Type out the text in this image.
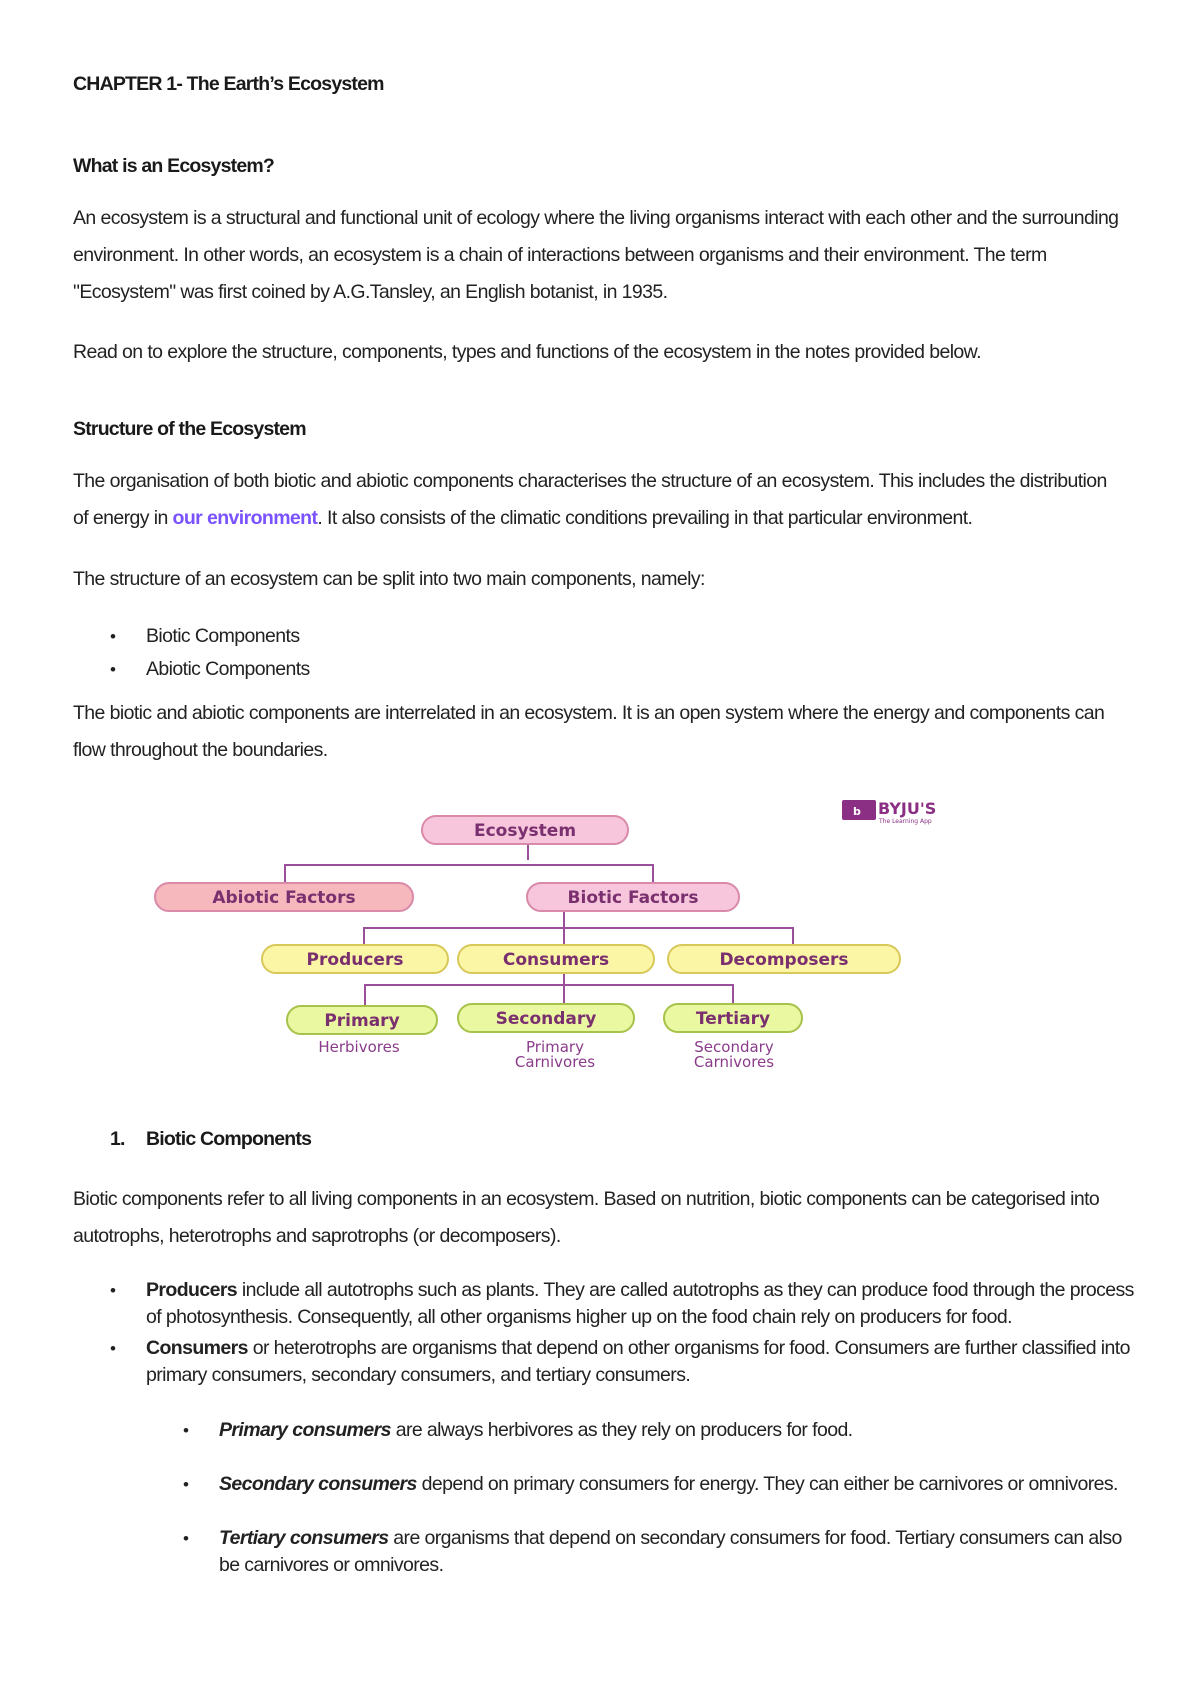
CHAPTER 1- The Earth’s Ecosystem
What is an Ecosystem?
An ecosystem is a structural and functional unit of ecology where the living organisms interact with each other and the surrounding
environment. In other words, an ecosystem is a chain of interactions between organisms and their environment. The term
"Ecosystem" was first coined by A.G.Tansley, an English botanist, in 1935.
Read on to explore the structure, components, types and functions of the ecosystem in the notes provided below.
Structure of the Ecosystem
The organisation of both biotic and abiotic components characterises the structure of an ecosystem. This includes the distribution
of energy in our environment. It also consists of the climatic conditions prevailing in that particular environment.
The structure of an ecosystem can be split into two main components, namely:
• Biotic Components
• Abiotic Components
The biotic and abiotic components are interrelated in an ecosystem. It is an open system where the energy and components can
flow throughout the boundaries.
b BYJU'S
The Learning App
Ecosystem
Abiotic Factors	Biotic Factors
Producers	Consumers	Decomposers
Primary	Secondary	Tertiary
Herbivores	Primary
Carnivores
Secondary
Carnivores
1. Biotic Components
Biotic components refer to all living components in an ecosystem. Based on nutrition, biotic components can be categorised into
autotrophs, heterotrophs and saprotrophs (or decomposers).
• Producers include all autotrophs such as plants. They are called autotrophs as they can produce food through the process of photosynthesis. Consequently, all other organisms higher up on the food chain rely on producers for food.
• Consumers or heterotrophs are organisms that depend on other organisms for food. Consumers are further classified into primary consumers, secondary consumers, and tertiary consumers.
• Primary consumers are always herbivores as they rely on producers for food.
• Secondary consumers depend on primary consumers for energy. They can either be carnivores or omnivores.
• Tertiary consumers are organisms that depend on secondary consumers for food. Tertiary consumers can also be carnivores or omnivores.
